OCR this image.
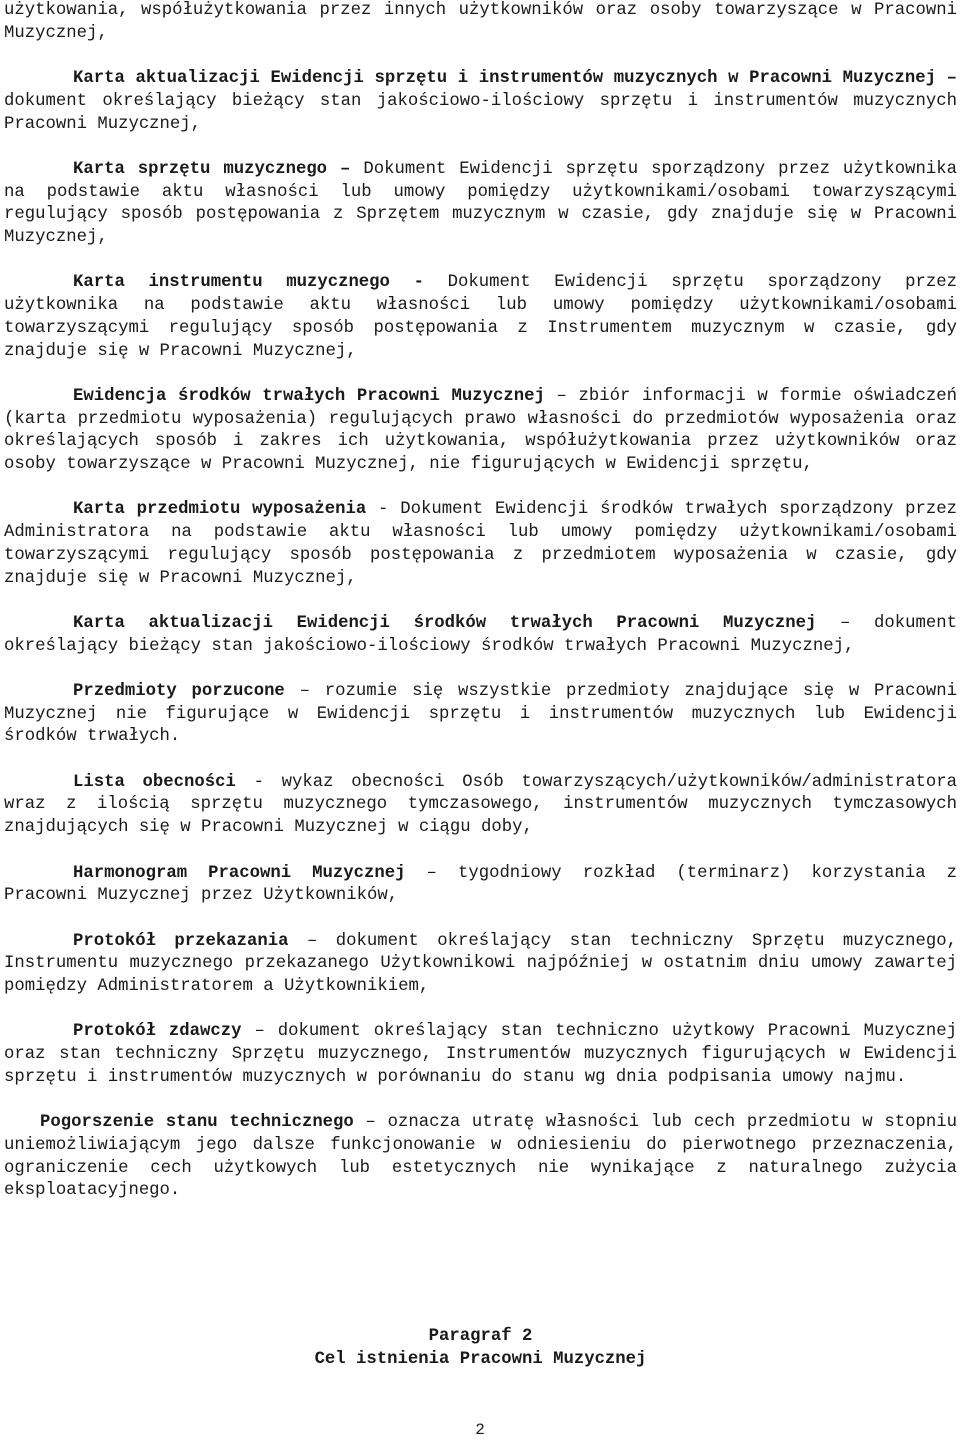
użytkowania, współużytkowania przez innych użytkowników oraz osoby towarzyszące w Pracowni Muzycznej,

Karta aktualizacji Ewidencji sprzętu i instrumentów muzycznych w Pracowni Muzycznej – dokument określający bieżący stan jakościowo-ilościowy sprzętu i instrumentów muzycznych Pracowni Muzycznej,

Karta sprzętu muzycznego – Dokument Ewidencji sprzętu sporządzony przez użytkownika na podstawie aktu własności lub umowy pomiędzy użytkownikami/osobami towarzyszącymi regulujący sposób postępowania z Sprzętem muzycznym w czasie, gdy znajduje się w Pracowni Muzycznej,

Karta instrumentu muzycznego - Dokument Ewidencji sprzętu sporządzony przez użytkownika na podstawie aktu własności lub umowy pomiędzy użytkownikami/osobami towarzyszącymi regulujący sposób postępowania z Instrumentem muzycznym w czasie, gdy znajduje się w Pracowni Muzycznej,

Ewidencja środków trwałych Pracowni Muzycznej – zbiór informacji w formie oświadczeń (karta przedmiotu wyposażenia) regulujących prawo własności do przedmiotów wyposażenia oraz określających sposób i zakres ich użytkowania, współużytkowania przez użytkowników oraz osoby towarzyszące w Pracowni Muzycznej, nie figurujących w Ewidencji sprzętu,

Karta przedmiotu wyposażenia - Dokument Ewidencji środków trwałych sporządzony przez Administratora na podstawie aktu własności lub umowy pomiędzy użytkownikami/osobami towarzyszącymi regulujący sposób postępowania z przedmiotem wyposażenia w czasie, gdy znajduje się w Pracowni Muzycznej,

Karta aktualizacji Ewidencji środków trwałych Pracowni Muzycznej – dokument określający bieżący stan jakościowo-ilościowy środków trwałych Pracowni Muzycznej,

Przedmioty porzucone – rozumie się wszystkie przedmioty znajdujące się w Pracowni Muzycznej nie figurujące w Ewidencji sprzętu i instrumentów muzycznych lub Ewidencji środków trwałych.

Lista obecności - wykaz obecności Osób towarzyszących/użytkowników/administratora wraz z ilością sprzętu muzycznego tymczasowego, instrumentów muzycznych tymczasowych znajdujących się w Pracowni Muzycznej w ciągu doby,

Harmonogram Pracowni Muzycznej – tygodniowy rozkład (terminarz) korzystania z Pracowni Muzycznej przez Użytkowników,

Protokół przekazania – dokument określający stan techniczny Sprzętu muzycznego, Instrumentu muzycznego przekazanego Użytkownikowi najpóźniej w ostatnim dniu umowy zawartej pomiędzy Administratorem a Użytkownikiem,

Protokół zdawczy – dokument określający stan techniczno użytkowy Pracowni Muzycznej oraz stan techniczny Sprzętu muzycznego, Instrumentów muzycznych figurujących w Ewidencji sprzętu i instrumentów muzycznych w porównaniu do stanu wg dnia podpisania umowy najmu.

Pogorszenie stanu technicznego – oznacza utratę własności lub cech przedmiotu w stopniu uniemożliwiającym jego dalsze funkcjonowanie w odniesieniu do pierwotnego przeznaczenia, ograniczenie cech użytkowych lub estetycznych nie wynikające z naturalnego zużycia eksploatacyjnego.

Paragraf 2

Cel istnienia Pracowni Muzycznej

2
